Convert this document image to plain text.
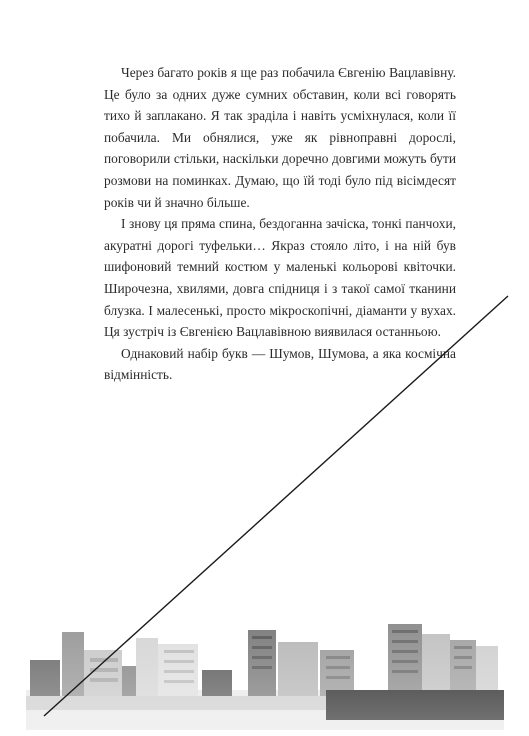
Через багато років я ще раз побачила Євгенію Вацлавівну. Це було за одних дуже сумних обставин, коли всі говорять тихо й заплакано. Я так зраділа і навіть усміхнулася, коли її побачила. Ми обнялися, уже як рівноправні дорослі, поговорили стільки, наскільки доречно довгими можуть бути розмови на поминках. Думаю, що їй тоді було під вісімдесят років чи й значно більше.

І знову ця пряма спина, бездоганна зачіска, тонкі панчохи, акуратні дорогі туфельки… Якраз стояло літо, і на ній був шифоновий темний костюм у маленькі кольорові квіточки. Широчезна, хвилями, довга спідниця і з такої самої тканини блузка. І малесенькі, просто мікроскопічні, діаманти у вухах. Ця зустріч із Євгенією Вацлавівною виявилася останньою.

Однаковий набір букв — Шумов, Шумова, а яка космічна відмінність.
